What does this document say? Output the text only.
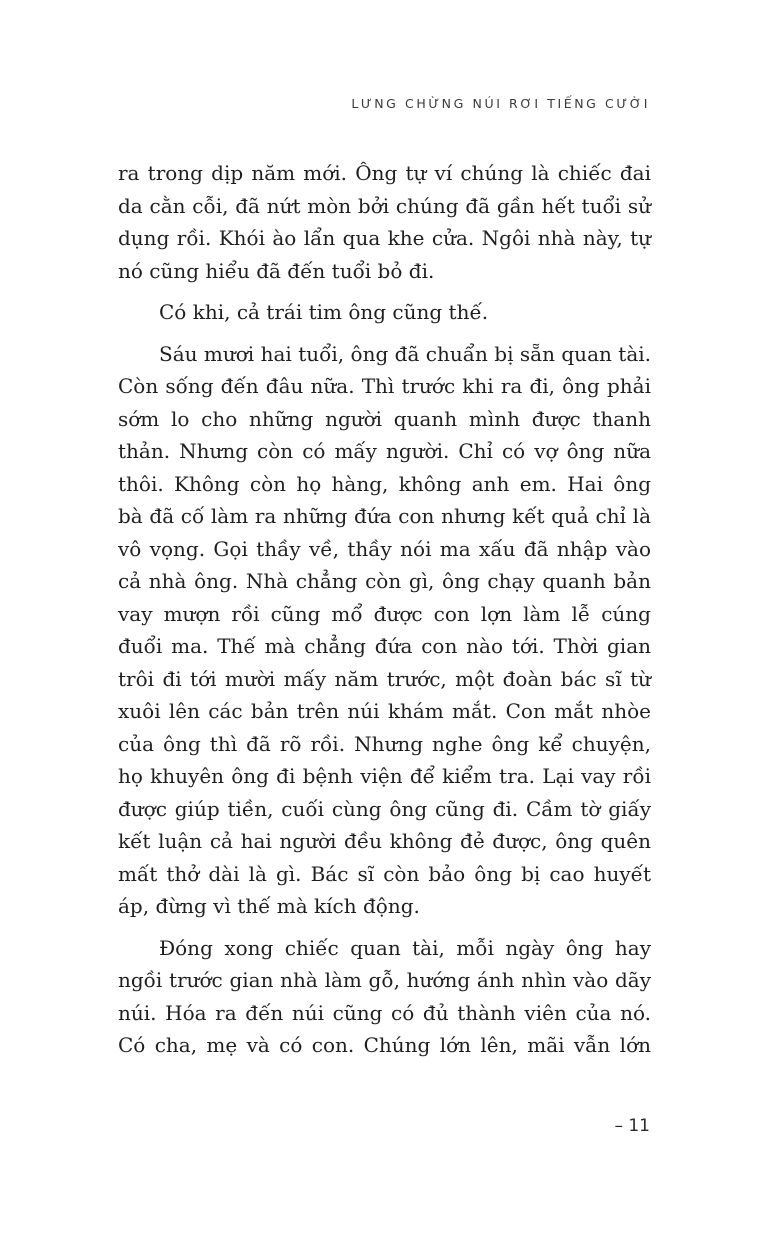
LƯNG CHỪNG NÚI RƠI TIẾNG CƯỜI

ra trong dịp năm mới. Ông tự ví chúng là chiếc đai
da cằn cỗi, đã nứt mòn bởi chúng đã gần hết tuổi sử
dụng rồi. Khói ào lẩn qua khe cửa. Ngôi nhà này, tự
nó cũng hiểu đã đến tuổi bỏ đi.

Có khi, cả trái tim ông cũng thế.

Sáu mươi hai tuổi, ông đã chuẩn bị sẵn quan tài.
Còn sống đến đâu nữa. Thì trước khi ra đi, ông phải
sớm lo cho những người quanh mình được thanh
thản. Nhưng còn có mấy người. Chỉ có vợ ông nữa
thôi. Không còn họ hàng, không anh em. Hai ông
bà đã cố làm ra những đứa con nhưng kết quả chỉ là
vô vọng. Gọi thầy về, thầy nói ma xấu đã nhập vào
cả nhà ông. Nhà chẳng còn gì, ông chạy quanh bản
vay mượn rồi cũng mổ được con lợn làm lễ cúng
đuổi ma. Thế mà chẳng đứa con nào tới. Thời gian
trôi đi tới mười mấy năm trước, một đoàn bác sĩ từ
xuôi lên các bản trên núi khám mắt. Con mắt nhòe
của ông thì đã rõ rồi. Nhưng nghe ông kể chuyện,
họ khuyên ông đi bệnh viện để kiểm tra. Lại vay rồi
được giúp tiền, cuối cùng ông cũng đi. Cầm tờ giấy
kết luận cả hai người đều không đẻ được, ông quên
mất thở dài là gì. Bác sĩ còn bảo ông bị cao huyết
áp, đừng vì thế mà kích động.

Đóng xong chiếc quan tài, mỗi ngày ông hay
ngồi trước gian nhà làm gỗ, hướng ánh nhìn vào dãy
núi. Hóa ra đến núi cũng có đủ thành viên của nó.
Có cha, mẹ và có con. Chúng lớn lên, mãi vẫn lớn

– 11
